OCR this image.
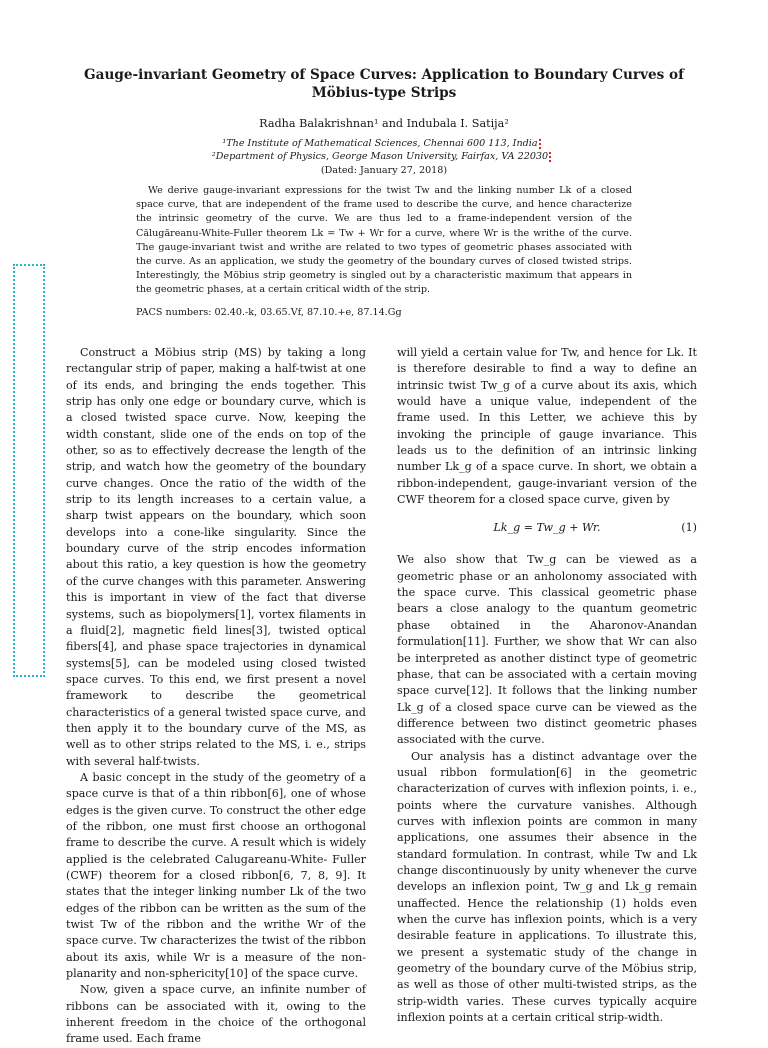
Gauge-invariant Geometry of Space Curves: Application to Boundary Curves of Möbius-type Strips
Radha Balakrishnan¹ and Indubala I. Satija²
¹The Institute of Mathematical Sciences, Chennai 600 113, India
²Department of Physics, George Mason University, Fairfax, VA 22030
(Dated: January 27, 2018)
We derive gauge-invariant expressions for the twist Tw and the linking number Lk of a closed space curve, that are independent of the frame used to describe the curve, and hence characterize the intrinsic geometry of the curve. We are thus led to a frame-independent version of the Călugăreanu-White-Fuller theorem Lk = Tw + Wr for a curve, where Wr is the writhe of the curve. The gauge-invariant twist and writhe are related to two types of geometric phases associated with the curve. As an application, we study the geometry of the boundary curves of closed twisted strips. Interestingly, the Möbius strip geometry is singled out by a characteristic maximum that appears in the geometric phases, at a certain critical width of the strip.
PACS numbers: 02.40.-k, 03.65.Vf, 87.10.+e, 87.14.Gg

Construct a Möbius strip (MS) by taking a long rectangular strip of paper, making a half-twist at one of its ends, and bringing the ends together. This strip has only one edge or boundary curve, which is a closed twisted space curve. Now, keeping the width constant, slide one of the ends on top of the other, so as to effectively decrease the length of the strip, and watch how the geometry of the boundary curve changes. Once the ratio of the width of the strip to its length increases to a certain value, a sharp twist appears on the boundary, which soon develops into a cone-like singularity. Since the boundary curve of the strip encodes information about this ratio, a key question is how the geometry of the curve changes with this parameter. Answering this is important in view of the fact that diverse systems, such as biopolymers[1], vortex filaments in a fluid[2], magnetic field lines[3], twisted optical fibers[4], and phase space trajectories in dynamical systems[5], can be modeled using closed twisted space curves. To this end, we first present a novel framework to describe the geometrical characteristics of a general twisted space curve, and then apply it to the boundary curve of the MS, as well as to other strips related to the MS, i. e., strips with several half-twists.

A basic concept in the study of the geometry of a space curve is that of a thin ribbon[6], one of whose edges is the given curve. To construct the other edge of the ribbon, one must first choose an orthogonal frame to describe the curve. A result which is widely applied is the celebrated Calugareanu-White- Fuller (CWF) theorem for a closed ribbon[6, 7, 8, 9]. It states that the integer linking number Lk of the two edges of the ribbon can be written as the sum of the twist Tw of the ribbon and the writhe Wr of the space curve. Tw characterizes the twist of the ribbon about its axis, while Wr is a measure of the non-planarity and non-sphericity[10] of the space curve.

Now, given a space curve, an infinite number of ribbons can be associated with it, owing to the inherent freedom in the choice of the orthogonal frame used. Each frame

will yield a certain value for Tw, and hence for Lk. It is therefore desirable to find a way to define an intrinsic twist Tw_g of a curve about its axis, which would have a unique value, independent of the frame used. In this Letter, we achieve this by invoking the principle of gauge invariance. This leads us to the definition of an intrinsic linking number Lk_g of a space curve. In short, we obtain a ribbon-independent, gauge-invariant version of the CWF theorem for a closed space curve, given by

Lk_g = Tw_g + Wr.	(1)

We also show that Tw_g can be viewed as a geometric phase or an anholonomy associated with the space curve. This classical geometric phase bears a close analogy to the quantum geometric phase obtained in the Aharonov-Anandan formulation[11]. Further, we show that Wr can also be interpreted as another distinct type of geometric phase, that can be associated with a certain moving space curve[12]. It follows that the linking number Lk_g of a closed space curve can be viewed as the difference between two distinct geometric phases associated with the curve.

Our analysis has a distinct advantage over the usual ribbon formulation[6] in the geometric characterization of curves with inflexion points, i. e., points where the curvature vanishes. Although curves with inflexion points are common in many applications, one assumes their absence in the standard formulation. In contrast, while Tw and Lk change discontinuously by unity whenever the curve develops an inflexion point, Tw_g and Lk_g remain unaffected. Hence the relationship (1) holds even when the curve has inflexion points, which is a very desirable feature in applications. To illustrate this, we present a systematic study of the change in geometry of the boundary curve of the Möbius strip, as well as those of other multi-twisted strips, as the strip-width varies. These curves typically acquire inflexion points at a certain critical strip-width.
